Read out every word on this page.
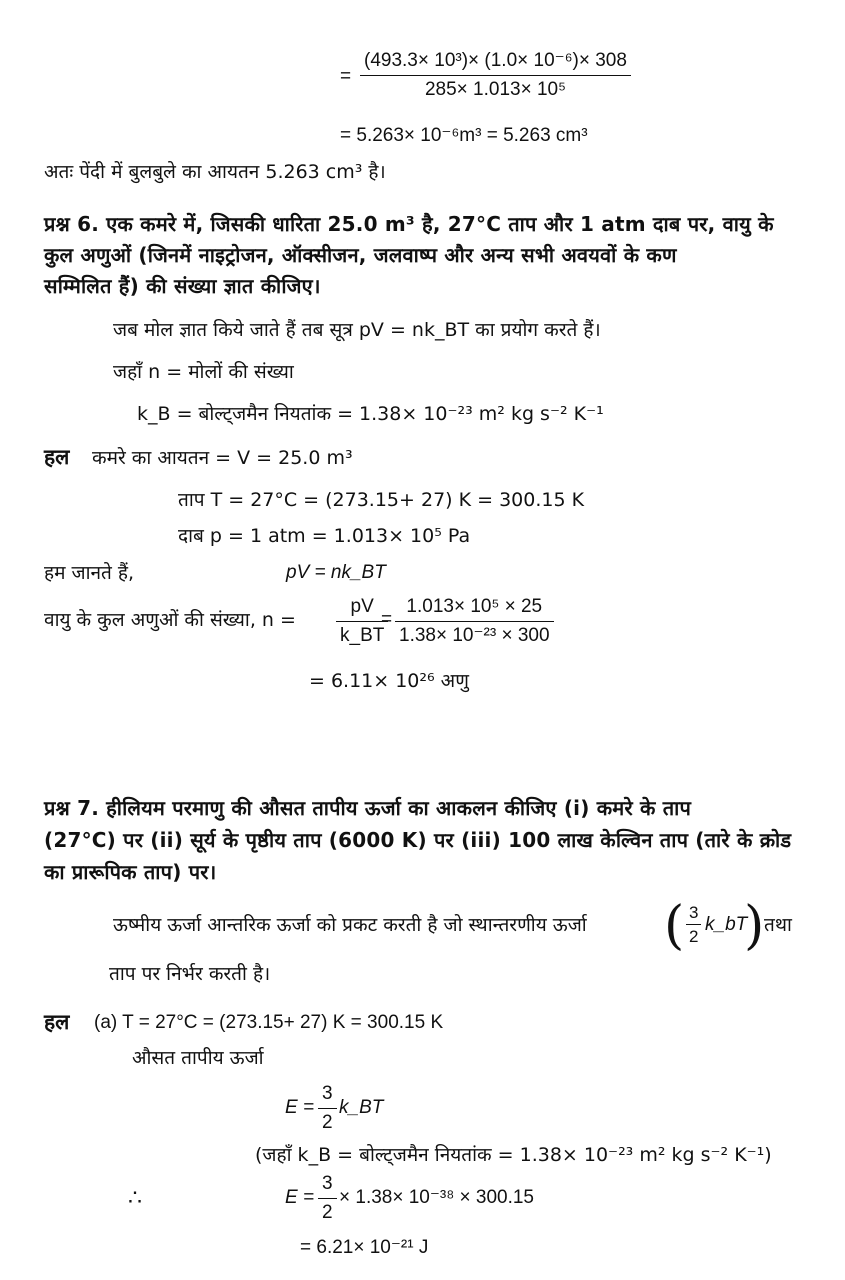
= $\frac{\text{(493.3× 10³)× (1.0× 10⁻⁶)× 308}}{\text{285× 1.013× 10⁵}}$
= 5.263× 10⁻⁶m³ = 5.263 cm³
अतः पेंदी में बुलबुले का आयतन 5.263 cm³ है।
प्रश्न 6. एक कमरे में, जिसकी धारिता 25.0 m³ है, 27°C ताप और 1 atm दाब पर, वायु के
कुल अणुओं (जिनमें नाइट्रोजन, ऑक्सीजन, जलवाष्प और अन्य सभी अवयवों के कण
सम्मिलित हैं) की संख्या ज्ञात कीजिए।
जब मोल ज्ञात किये जाते हैं तब सूत्र pV = nk_BT का प्रयोग करते हैं।
जहाँ n = मोलों की संख्या
k_B = बोल्ट्जमैन नियतांक = 1.38× 10⁻²³ m² kg s⁻² K⁻¹
हल कमरे का आयतन = V = 25.0 m³
ताप T = 27°C = (273.15+ 27) K = 300.15 K
दाब p = 1 atm = 1.013× 10⁵ Pa
हम जानते हैं,	pV = nk_BT
वायु के कुल अणुओं की संख्या, $n = \frac{pV}{k\_BT}$
= $\frac{\text{1.013× 10⁵ × 25}}{\text{1.38× 10⁻²³ × 300}}$
= 6.11× 10²⁶ अणु
प्रश्न 7. हीलियम परमाणु की औसत तापीय ऊर्जा का आकलन कीजिए (i) कमरे के ताप
(27°C) पर (ii) सूर्य के पृष्ठीय ताप (6000 K) पर (iii) 100 लाख केल्विन ताप (तारे के क्रोड
का प्रारूपिक ताप) पर।
ऊष्मीय ऊर्जा आन्तरिक ऊर्जा को प्रकट करती है जो स्थान्तरणीय ऊर्जा ( $\frac{3}{2}$ k_bT
) तथा
ताप पर निर्भर करती है।
हल (a) T = 27°C = (273.15+ 27) K = 300.15 K
औसत तापीय ऊर्जा
$E = \frac{3}{2}$ k_BT
(जहाँ k_B = बोल्ट्जमैन नियतांक = 1.38× 10⁻²³ m² kg s⁻² K⁻¹)
∴	$E = \frac{3}{2} \times 1.38\times 10^{-38} \times 300.15$
= 6.21× 10⁻²¹ J
